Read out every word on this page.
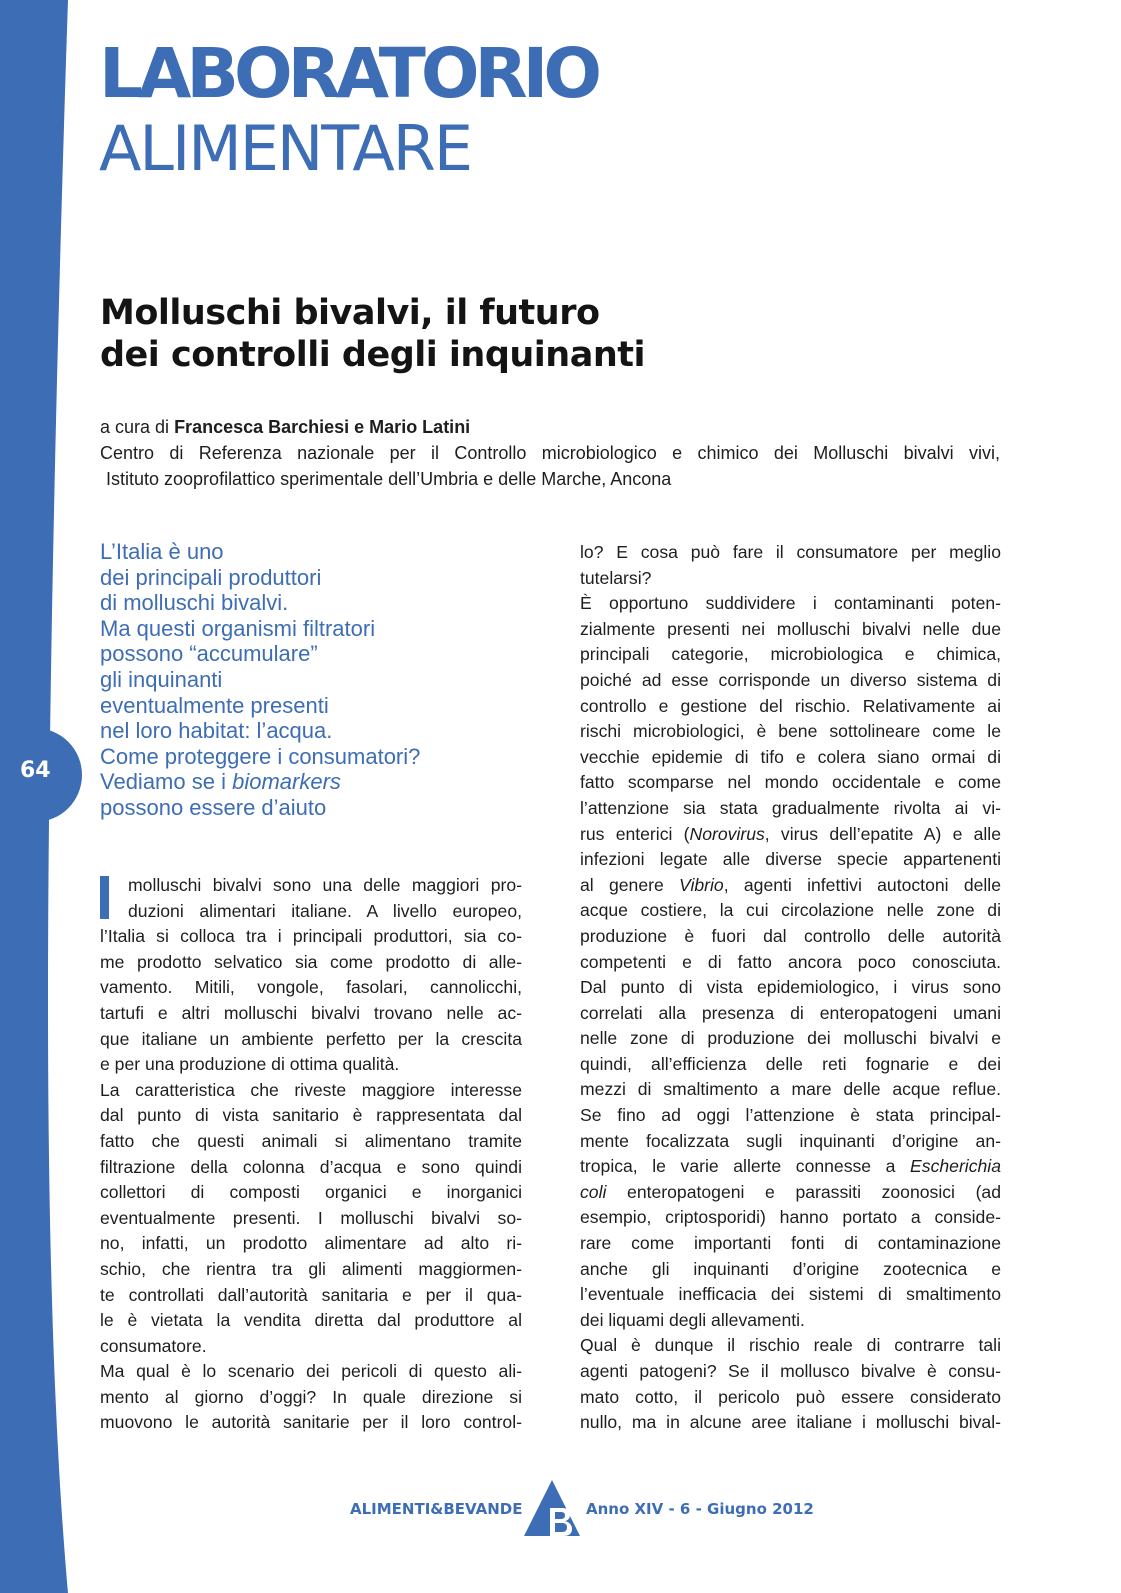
64
LABORATORIO
ALIMENTARE
Molluschi bivalvi, il futuro
dei controlli degli inquinanti
a cura di Francesca Barchiesi e Mario Latini
Centro di Referenza nazionale per il Controllo microbiologico e chimico dei Molluschi bivalvi vivi,
Istituto zooprofilattico sperimentale dell’Umbria e delle Marche, Ancona
L’Italia è uno
dei principali produttori
di molluschi bivalvi.
Ma questi organismi filtratori
possono “accumulare”
gli inquinanti
eventualmente presenti
nel loro habitat: l’acqua.
Come proteggere i consumatori?
Vediamo se i biomarkers
possono essere d’aiuto

molluschi bivalvi sono una delle maggiori pro-
duzioni alimentari italiane. A livello europeo,
l’Italia si colloca tra i principali produttori, sia co-
me prodotto selvatico sia come prodotto di alle-
vamento. Mitili, vongole, fasolari, cannolicchi,
tartufi e altri molluschi bivalvi trovano nelle ac-
que italiane un ambiente perfetto per la crescita
e per una produzione di ottima qualità.

La caratteristica che riveste maggiore interesse
dal punto di vista sanitario è rappresentata dal
fatto che questi animali si alimentano tramite
filtrazione della colonna d’acqua e sono quindi
collettori di composti organici e inorganici
eventualmente presenti. I molluschi bivalvi so-
no, infatti, un prodotto alimentare ad alto ri-
schio, che rientra tra gli alimenti maggiormen-
te controllati dall’autorità sanitaria e per il qua-
le è vietata la vendita diretta dal produttore al
consumatore.

Ma qual è lo scenario dei pericoli di questo ali-
mento al giorno d’oggi? In quale direzione si
muovono le autorità sanitarie per il loro control-

lo? E cosa può fare il consumatore per meglio
tutelarsi?

È opportuno suddividere i contaminanti poten-
zialmente presenti nei molluschi bivalvi nelle due
principali categorie, microbiologica e chimica,
poiché ad esse corrisponde un diverso sistema di
controllo e gestione del rischio. Relativamente ai
rischi microbiologici, è bene sottolineare come le
vecchie epidemie di tifo e colera siano ormai di
fatto scomparse nel mondo occidentale e come
l’attenzione sia stata gradualmente rivolta ai vi-
rus enterici (Norovirus, virus dell’epatite A) e alle
infezioni legate alle diverse specie appartenenti
al genere Vibrio, agenti infettivi autoctoni delle
acque costiere, la cui circolazione nelle zone di
produzione è fuori dal controllo delle autorità
competenti e di fatto ancora poco conosciuta.
Dal punto di vista epidemiologico, i virus sono
correlati alla presenza di enteropatogeni umani
nelle zone di produzione dei molluschi bivalvi e
quindi, all’efficienza delle reti fognarie e dei
mezzi di smaltimento a mare delle acque reflue.
Se fino ad oggi l’attenzione è stata principal-
mente focalizzata sugli inquinanti d’origine an-
tropica, le varie allerte connesse a Escherichia
coli enteropatogeni e parassiti zoonosici (ad
esempio, criptosporidi) hanno portato a conside-
rare come importanti fonti di contaminazione
anche gli inquinanti d’origine zootecnica e
l’eventuale inefficacia dei sistemi di smaltimento
dei liquami degli allevamenti.

Qual è dunque il rischio reale di contrarre tali
agenti patogeni? Se il mollusco bivalve è consu-
mato cotto, il pericolo può essere considerato
nullo, ma in alcune aree italiane i molluschi bival-

ALIMENTI&BEVANDE	Anno XIV - 6 - Giugno 2012
